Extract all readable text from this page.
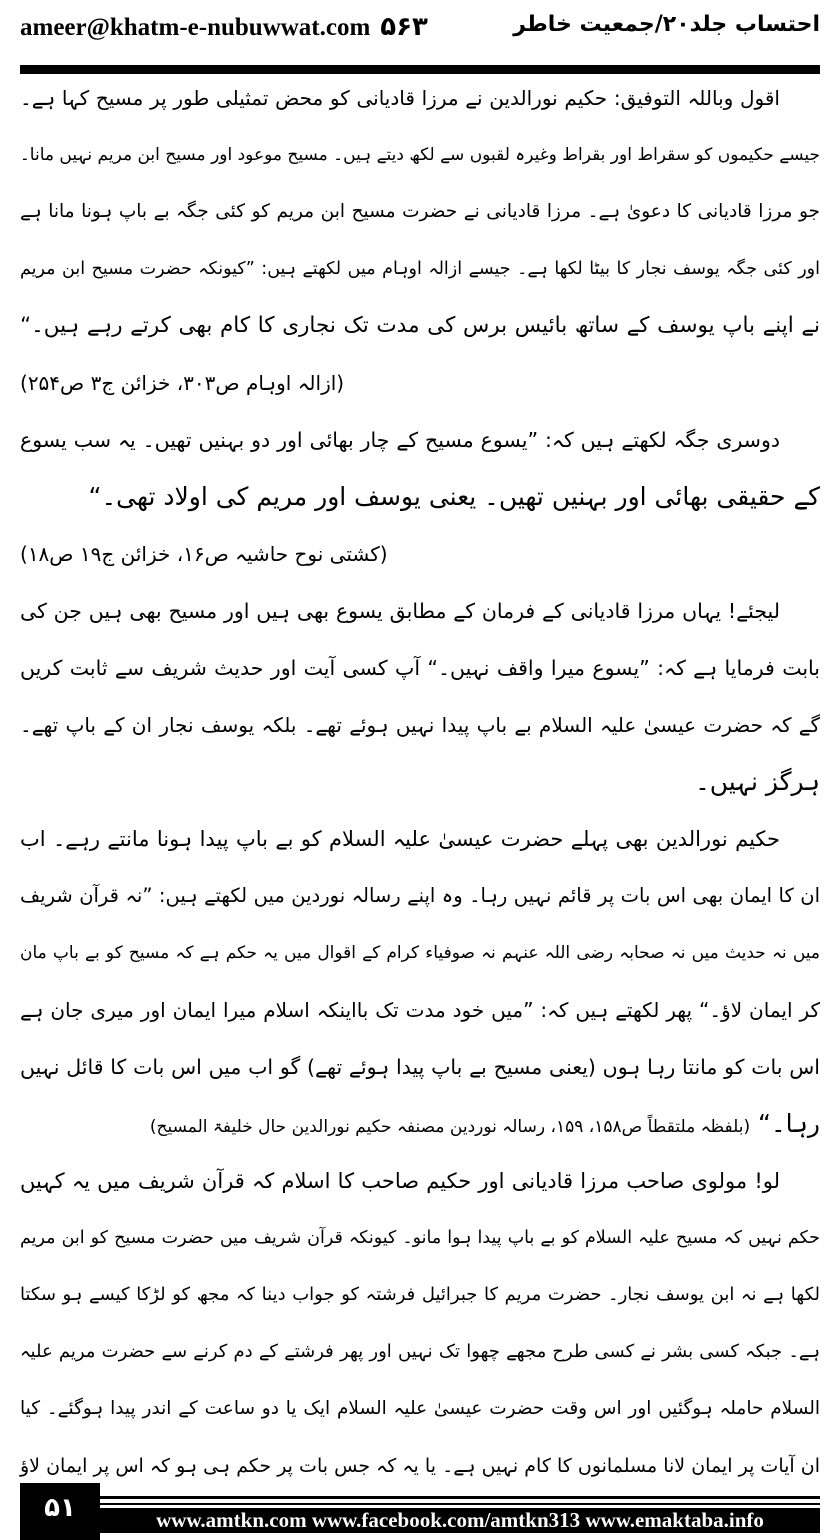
ameer@khatm-e-nubuwwat.com ۵۶۳	احتساب جلد۲۰/جمعیت خاطر
اقول وباللہ التوفیق: حکیم نورالدین نے مرزا قادیانی کو محض تمثیلی طور پر مسیح کہا ہے۔
جیسے حکیموں کو سقراط اور بقراط وغیرہ لقبوں سے لکھ دیتے ہیں۔ مسیح موعود اور مسیح ابن مریم نہیں مانا۔
جو مرزا قادیانی کا دعویٰ ہے۔ مرزا قادیانی نے حضرت مسیح ابن مریم کو کئی جگہ بے باپ ہونا مانا ہے
اور کئی جگہ یوسف نجار کا بیٹا لکھا ہے۔ جیسے ازالہ اوہام میں لکھتے ہیں: ”کیونکہ حضرت مسیح ابن مریم
نے اپنے باپ یوسف کے ساتھ بائیس برس کی مدت تک نجاری کا کام بھی کرتے رہے ہیں۔“
(ازالہ اوہام ص۳۰۳، خزائن ج۳ ص۲۵۴)
دوسری جگہ لکھتے ہیں کہ: ”یسوع مسیح کے چار بھائی اور دو بہنیں تھیں۔ یہ سب یسوع
کے حقیقی بھائی اور بہنیں تھیں۔ یعنی یوسف اور مریم کی اولاد تھی۔“
(کشتی نوح حاشیہ ص۱۶، خزائن ج۱۹ ص۱۸)
لیجئے! یہاں مرزا قادیانی کے فرمان کے مطابق یسوع بھی ہیں اور مسیح بھی ہیں جن کی
بابت فرمایا ہے کہ: ”یسوع میرا واقف نہیں۔“ آپ کسی آیت اور حدیث شریف سے ثابت کریں
گے کہ حضرت عیسیٰ علیہ السلام بے باپ پیدا نہیں ہوئے تھے۔ بلکہ یوسف نجار ان کے باپ تھے۔
ہرگز نہیں۔
حکیم نورالدین بھی پہلے حضرت عیسیٰ علیہ السلام کو بے باپ پیدا ہونا مانتے رہے۔ اب
ان کا ایمان بھی اس بات پر قائم نہیں رہا۔ وہ اپنے رسالہ نوردین میں لکھتے ہیں: ”نہ قرآن شریف
میں نہ حدیث میں نہ صحابہ رضی اللہ عنہم نہ صوفیاء کرام کے اقوال میں یہ حکم ہے کہ مسیح کو بے باپ مان
کر ایمان لاؤ۔“ پھر لکھتے ہیں کہ: ”میں خود مدت تک بااینکہ اسلام میرا ایمان اور میری جان ہے
اس بات کو مانتا رہا ہوں (یعنی مسیح بے باپ پیدا ہوئے تھے) گو اب میں اس بات کا قائل نہیں
رہا۔“ (بلفظہ ملتقطاً ص۱۵۸، ۱۵۹، رسالہ نوردین مصنفہ حکیم نورالدین حال خلیفۃ المسیح)
لو! مولوی صاحب مرزا قادیانی اور حکیم صاحب کا اسلام کہ قرآن شریف میں یہ کہیں
حکم نہیں کہ مسیح علیہ السلام کو بے باپ پیدا ہوا مانو۔ کیونکہ قرآن شریف میں حضرت مسیح کو ابن مریم
لکھا ہے نہ ابن یوسف نجار۔ حضرت مریم کا جبرائیل فرشتہ کو جواب دینا کہ مجھ کو لڑکا کیسے ہو سکتا
ہے۔ جبکہ کسی بشر نے کسی طرح مجھے چھوا تک نہیں اور پھر فرشتے کے دم کرنے سے حضرت مریم علیہ
السلام حاملہ ہوگئیں اور اس وقت حضرت عیسیٰ علیہ السلام ایک یا دو ساعت کے اندر پیدا ہوگئے۔ کیا
ان آیات پر ایمان لانا مسلمانوں کا کام نہیں ہے۔ یا یہ کہ جس بات پر حکم ہی ہو کہ اس پر ایمان لاؤ
۵۱	www.amtkn.com www.facebook.com/amtkn313 www.emaktaba.info
